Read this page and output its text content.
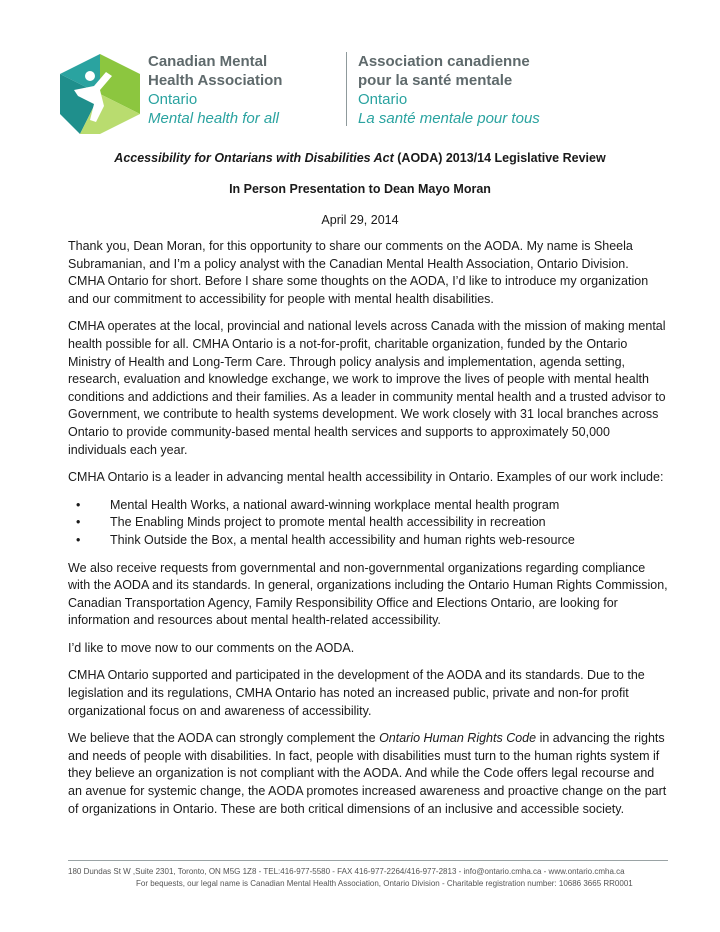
Canadian Mental
Health Association
Ontario
Mental health for all
Association canadienne
pour la santé mentale
Ontario
La santé mentale pour tous
Accessibility for Ontarians with Disabilities Act (AODA) 2013/14 Legislative Review
In Person Presentation to Dean Mayo Moran
April 29, 2014

Thank you, Dean Moran, for this opportunity to share our comments on the AODA. My name is Sheela Subramanian, and I’m a policy analyst with the Canadian Mental Health Association, Ontario Division. CMHA Ontario for short. Before I share some thoughts on the AODA, I’d like to introduce my organization and our commitment to accessibility for people with mental health disabilities.

CMHA operates at the local, provincial and national levels across Canada with the mission of making mental health possible for all. CMHA Ontario is a not-for-profit, charitable organization, funded by the Ontario Ministry of Health and Long-Term Care. Through policy analysis and implementation, agenda setting, research, evaluation and knowledge exchange, we work to improve the lives of people with mental health conditions and addictions and their families. As a leader in community mental health and a trusted advisor to Government, we contribute to health systems development. We work closely with 31 local branches across Ontario to provide community-based mental health services and supports to approximately 50,000 individuals each year.

CMHA Ontario is a leader in advancing mental health accessibility in Ontario. Examples of our work include:

• Mental Health Works, a national award-winning workplace mental health program
• The Enabling Minds project to promote mental health accessibility in recreation
• Think Outside the Box, a mental health accessibility and human rights web-resource

We also receive requests from governmental and non-governmental organizations regarding compliance with the AODA and its standards. In general, organizations including the Ontario Human Rights Commission, Canadian Transportation Agency, Family Responsibility Office and Elections Ontario, are looking for information and resources about mental health-related accessibility.

I’d like to move now to our comments on the AODA.

CMHA Ontario supported and participated in the development of the AODA and its standards. Due to the legislation and its regulations, CMHA Ontario has noted an increased public, private and non-for profit organizational focus on and awareness of accessibility.

We believe that the AODA can strongly complement the Ontario Human Rights Code in advancing the rights and needs of people with disabilities. In fact, people with disabilities must turn to the human rights system if they believe an organization is not compliant with the AODA. And while the Code offers legal recourse and an avenue for systemic change, the AODA promotes increased awareness and proactive change on the part of organizations in Ontario. These are both critical dimensions of an inclusive and accessible society.

180 Dundas St W ,Suite 2301, Toronto, ON M5G 1Z8 - TEL:416-977-5580 - FAX 416-977-2264/416-977-2813 - info@ontario.cmha.ca - www.ontario.cmha.ca
For bequests, our legal name is Canadian Mental Health Association, Ontario Division - Charitable registration number: 10686 3665 RR0001
